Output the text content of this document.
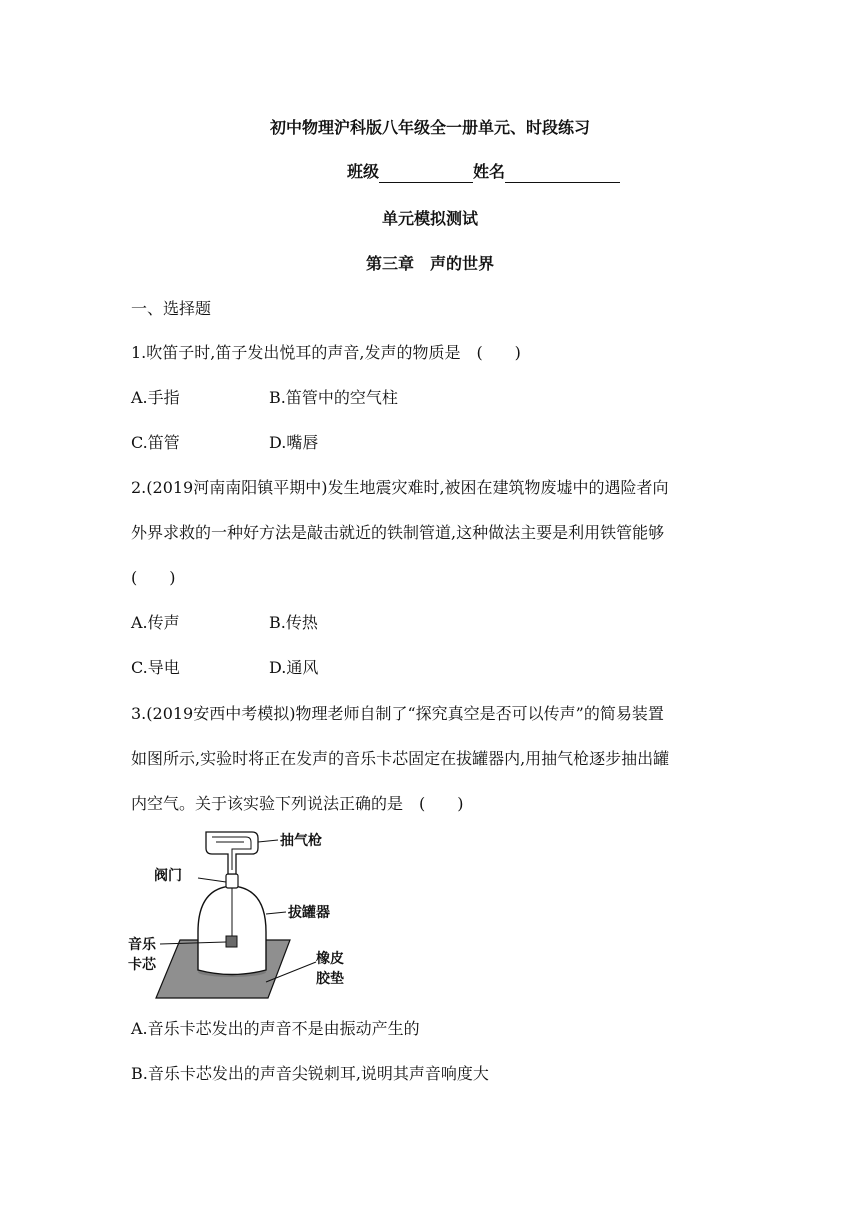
初中物理沪科版八年级全一册单元、时段练习
班级	姓名
单元模拟测试
第三章　声的世界
一、选择题
1.吹笛子时,笛子发出悦耳的声音,发声的物质是　(　　)
A.手指	B.笛管中的空气柱
C.笛管	D.嘴唇
2.(2019河南南阳镇平期中)发生地震灾难时,被困在建筑物废墟中的遇险者向
外界求救的一种好方法是敲击就近的铁制管道,这种做法主要是利用铁管能够
(　　)
A.传声	B.传热
C.导电	D.通风
3.(2019安西中考模拟)物理老师自制了“探究真空是否可以传声”的简易装置
如图所示,实验时将正在发声的音乐卡芯固定在拔罐器内,用抽气枪逐步抽出罐
内空气。关于该实验下列说法正确的是　(　　)
抽气枪
阀门
拔罐器
音乐
卡芯	橡皮
胶垫
A.音乐卡芯发出的声音不是由振动产生的
B.音乐卡芯发出的声音尖锐刺耳,说明其声音响度大
